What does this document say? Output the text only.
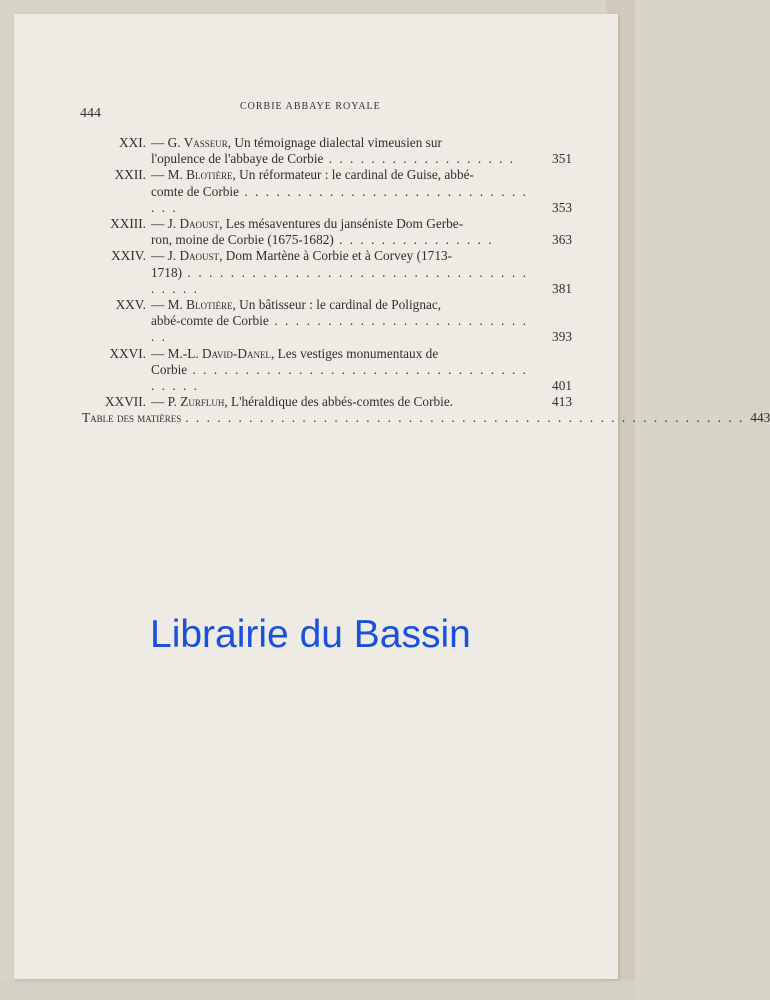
444	CORBIE ABBAYE ROYALE
XXI. — G. Vasseur, Un témoignage dialectal vimeusien sur
l'opulence de l'abbaye de Corbie . . . . . . . . . . . . . . . . . .	351
XXII. — M. Blotière, Un réformateur : le cardinal de Guise, abbé-
comte de Corbie . . . . . . . . . . . . . . . . . . . . . . . . . . . . . .	353
XXIII. — J. Daoust, Les mésaventures du janséniste Dom Gerbe-
ron, moine de Corbie (1675-1682) . . . . . . . . . . . . . . .	363
XXIV. — J. Daoust, Dom Martène à Corbie et à Corvey (1713-
1718) . . . . . . . . . . . . . . . . . . . . . . . . . . . . . . . . . . . . .	381
XXV. — M. Blotière, Un bâtisseur : le cardinal de Polignac,
abbé-comte de Corbie . . . . . . . . . . . . . . . . . . . . . . . . . .	393
XXVI. — M.-L. David-Danel, Les vestiges monumentaux de
Corbie . . . . . . . . . . . . . . . . . . . . . . . . . . . . . . . . . . . . .	401
XXVII. — P. Zurfluh, L'héraldique des abbés-comtes de Corbie.	413
Table des matières . . . . . . . . . . . . . . . . . . . . . . . . . . . . . . . . . . . . . . . . . . . . . . . . . . . . . 443
Librairie du Bassin
